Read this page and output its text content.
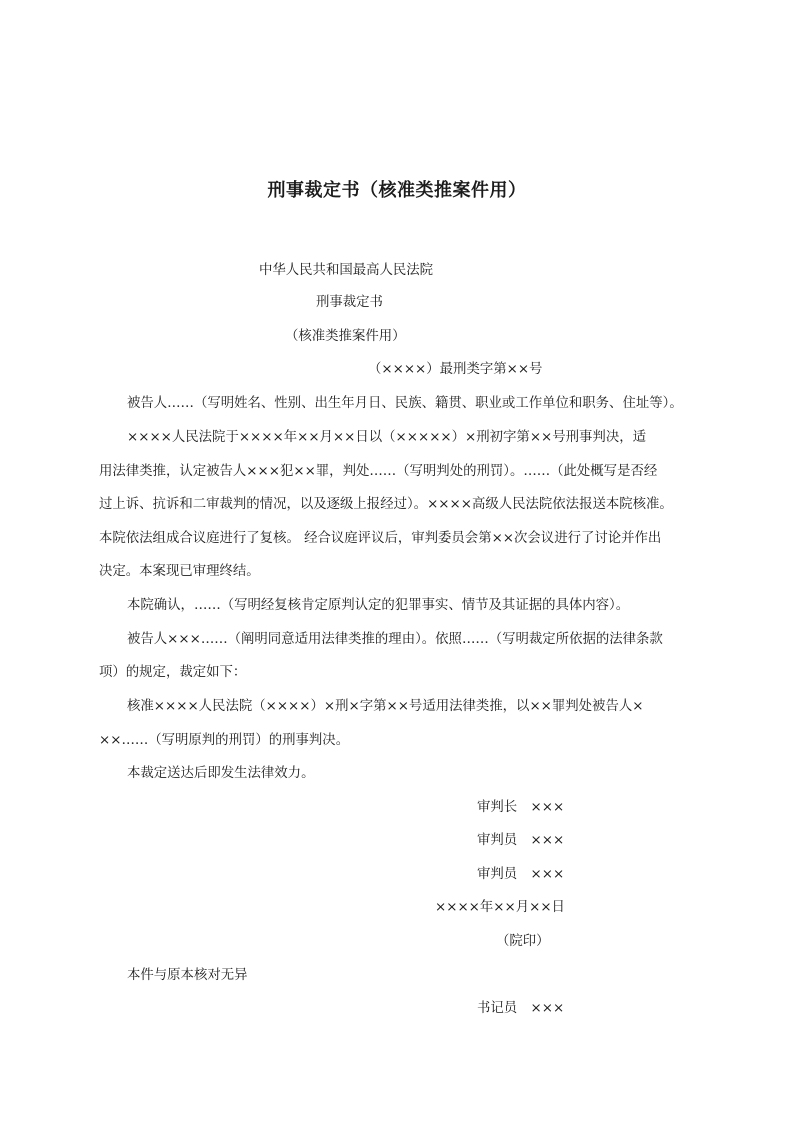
刑事裁定书（核准类推案件用）

中华人民共和国最高人民法院

刑事裁定书

（核准类推案件用）

（××××）最刑类字第××号

被告人……（写明姓名、性别、出生年月日、民族、籍贯、职业或工作单位和职务、住址等）。

××××人民法院于××××年××月××日以（×××××）×刑初字第××号刑事判决，适

用法律类推，认定被告人×××犯××罪，判处……（写明判处的刑罚）。……（此处概写是否经

过上诉、抗诉和二审裁判的情况，以及逐级上报经过）。××××高级人民法院依法报送本院核准。

本院依法组成合议庭进行了复核。 经合议庭评议后，审判委员会第××次会议进行了讨论并作出

决定。本案现已审理终结。

本院确认，……（写明经复核肯定原判认定的犯罪事实、情节及其证据的具体内容）。

被告人×××……（阐明同意适用法律类推的理由）。依照……（写明裁定所依据的法律条款

项）的规定，裁定如下：

核准××××人民法院（××××）×刑×字第××号适用法律类推，以××罪判处被告人×

××……（写明原判的刑罚）的刑事判决。

本裁定送达后即发生法律效力。

审判长　×××

审判员　×××

审判员　×××

××××年××月××日

（院印）

本件与原本核对无异

书记员　×××
